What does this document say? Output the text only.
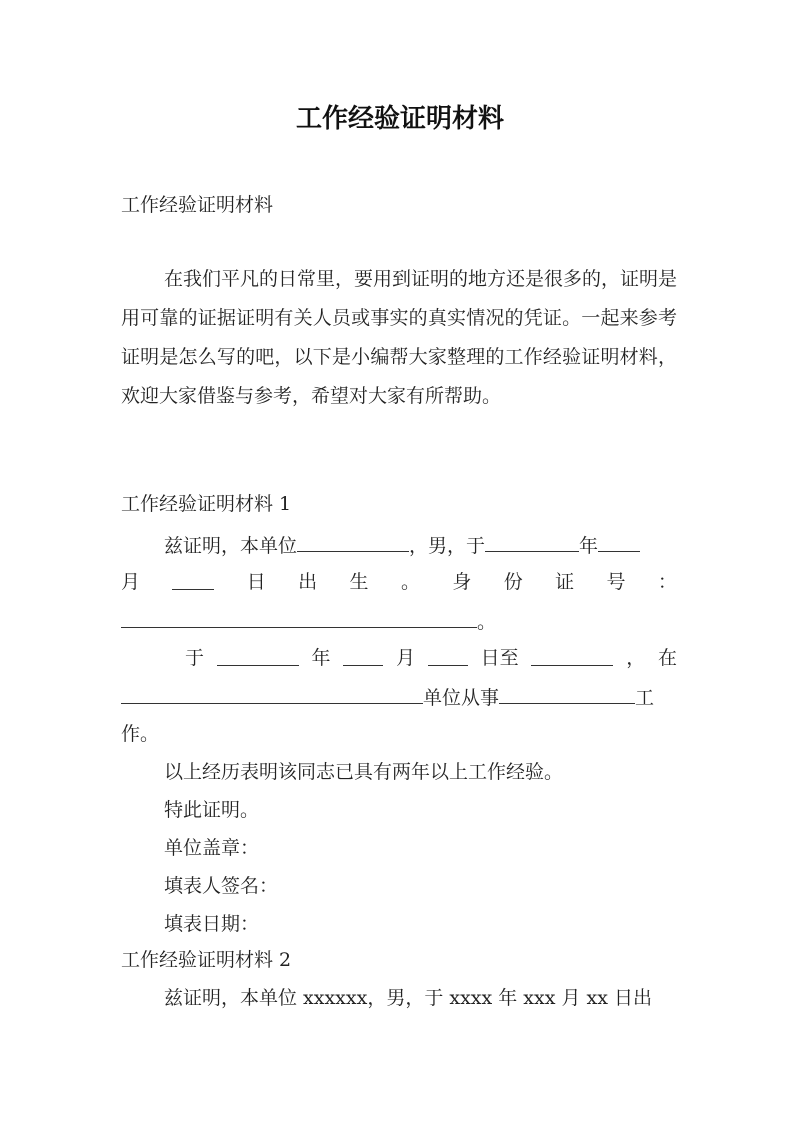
工作经验证明材料
工作经验证明材料

在我们平凡的日常里，要用到证明的地方还是很多的，证明是用可靠的证据证明有关人员或事实的真实情况的凭证。一起来参考证明是怎么写的吧，以下是小编帮大家整理的工作经验证明材料，欢迎大家借鉴与参考，希望对大家有所帮助。

工作经验证明材料 1
兹证明，本单位	，男，于	年
月	日 出 生 。 身 份 证 号 ：
。
于	年	月	日至	， 在
单位从事	工
作。
以上经历表明该同志已具有两年以上工作经验。
特此证明。
单位盖章：
填表人签名：
填表日期：
工作经验证明材料 2
兹证明，本单位 xxxxxx，男，于 xxxx 年 xxx 月 xx 日出
